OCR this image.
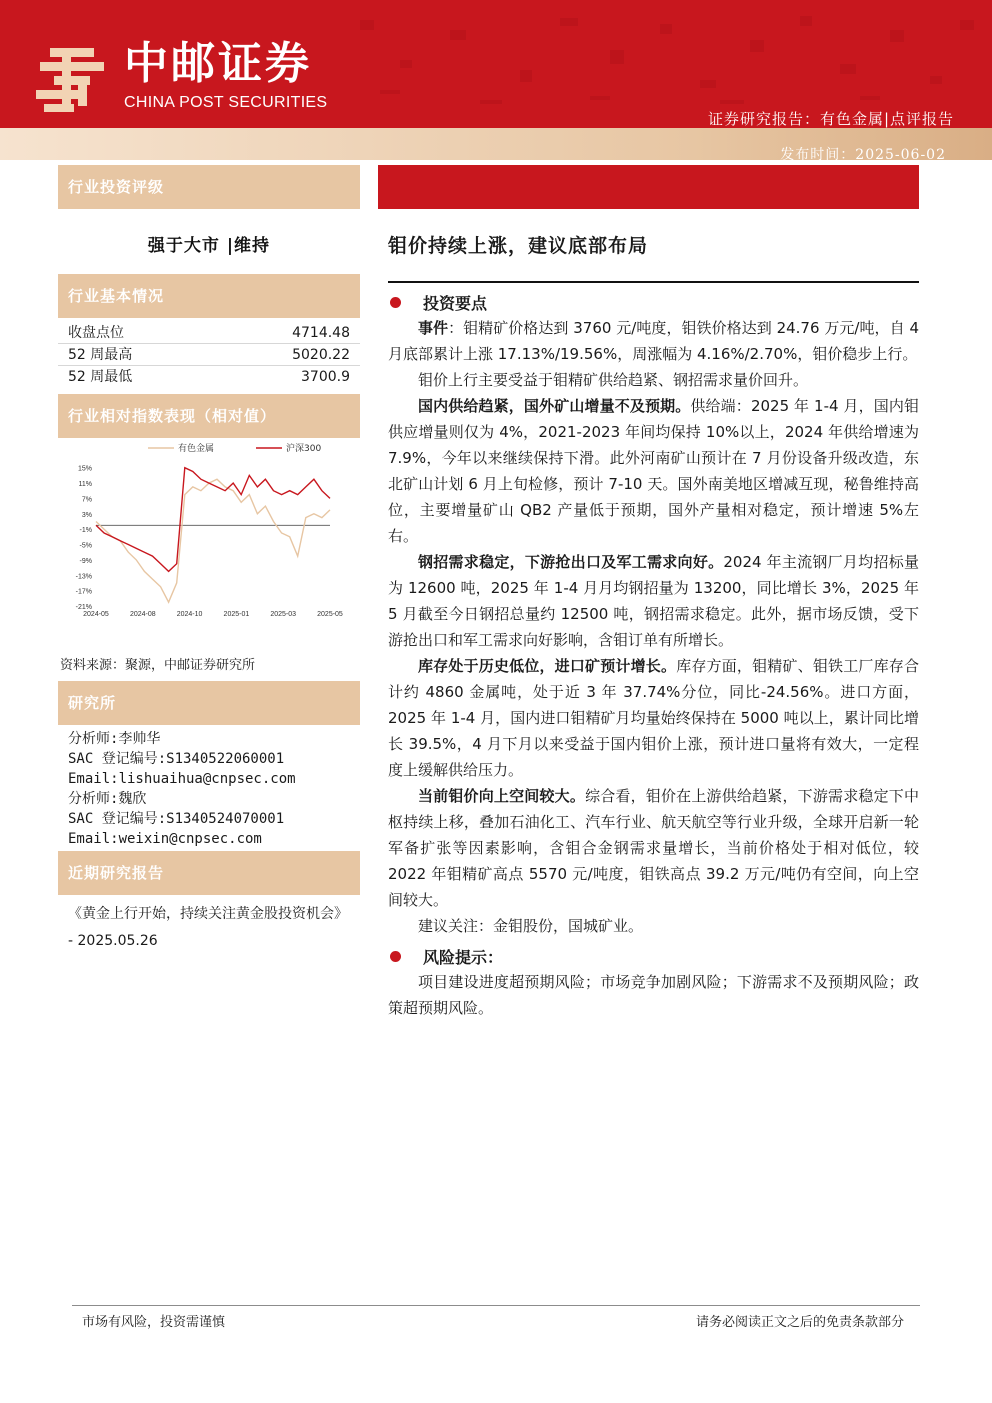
中邮证券
CHINA POST SECURITIES
证券研究报告：有色金属|点评报告
发布时间：2025-06-02
行业投资评级
强于大市 |维持
行业基本情况
收盘点位	4714.48
52 周最高	5020.22
52 周最低	3700.9
行业相对指数表现（相对值）
15%
11%
7%
3%
-1%
-5%
-9%
-13%
-17%
-21%
2024-05	2024-08	2024-10	2025-01	2025-03	2025-05
有色金属	沪深300
资料来源：聚源，中邮证券研究所
研究所
分析师:李帅华
SAC 登记编号:S1340522060001
Email:lishuaihua@cnpsec.com
分析师:魏欣
SAC 登记编号:S1340524070001
Email:weixin@cnpsec.com
近期研究报告
《黄金上行开始，持续关注黄金股投资机会》 - 2025.05.26
钼价持续上涨，建议底部布局
投资要点

事件：钼精矿价格达到 3760 元/吨度，钼铁价格达到 24.76 万元/吨，自 4 月底部累计上涨 17.13%/19.56%，周涨幅为 4.16%/2.70%，钼价稳步上行。

钼价上行主要受益于钼精矿供给趋紧、钢招需求量价回升。

国内供给趋紧，国外矿山增量不及预期。供给端：2025 年 1-4 月，国内钼供应增量则仅为 4%，2021-2023 年间均保持 10%以上，2024 年供给增速为 7.9%，今年以来继续保持下滑。此外河南矿山预计在 7 月份设备升级改造，东北矿山计划 6 月上旬检修，预计 7-10 天。国外南美地区增减互现，秘鲁维持高位，主要增量矿山 QB2 产量低于预期，国外产量相对稳定，预计增速 5%左右。

钢招需求稳定，下游抢出口及军工需求向好。2024 年主流钢厂月均招标量为 12600 吨，2025 年 1-4 月月均钢招量为 13200，同比增长 3%，2025 年 5 月截至今日钢招总量约 12500 吨，钢招需求稳定。此外，据市场反馈，受下游抢出口和军工需求向好影响，含钼订单有所增长。

库存处于历史低位，进口矿预计增长。库存方面，钼精矿、钼铁工厂库存合计约 4860 金属吨，处于近 3 年 37.74%分位，同比-24.56%。进口方面，2025 年 1-4 月，国内进口钼精矿月均量始终保持在 5000 吨以上，累计同比增长 39.5%，4 月下月以来受益于国内钼价上涨，预计进口量将有效大，一定程度上缓解供给压力。

当前钼价向上空间较大。综合看，钼价在上游供给趋紧，下游需求稳定下中枢持续上移，叠加石油化工、汽车行业、航天航空等行业升级，全球开启新一轮军备扩张等因素影响，含钼合金钢需求量增长，当前价格处于相对低位，较 2022 年钼精矿高点 5570 元/吨度，钼铁高点 39.2 万元/吨仍有空间，向上空间较大。

建议关注：金钼股份，国城矿业。

风险提示：

项目建设进度超预期风险；市场竞争加剧风险；下游需求不及预期风险；政策超预期风险。

市场有风险，投资需谨慎	请务必阅读正文之后的免责条款部分
